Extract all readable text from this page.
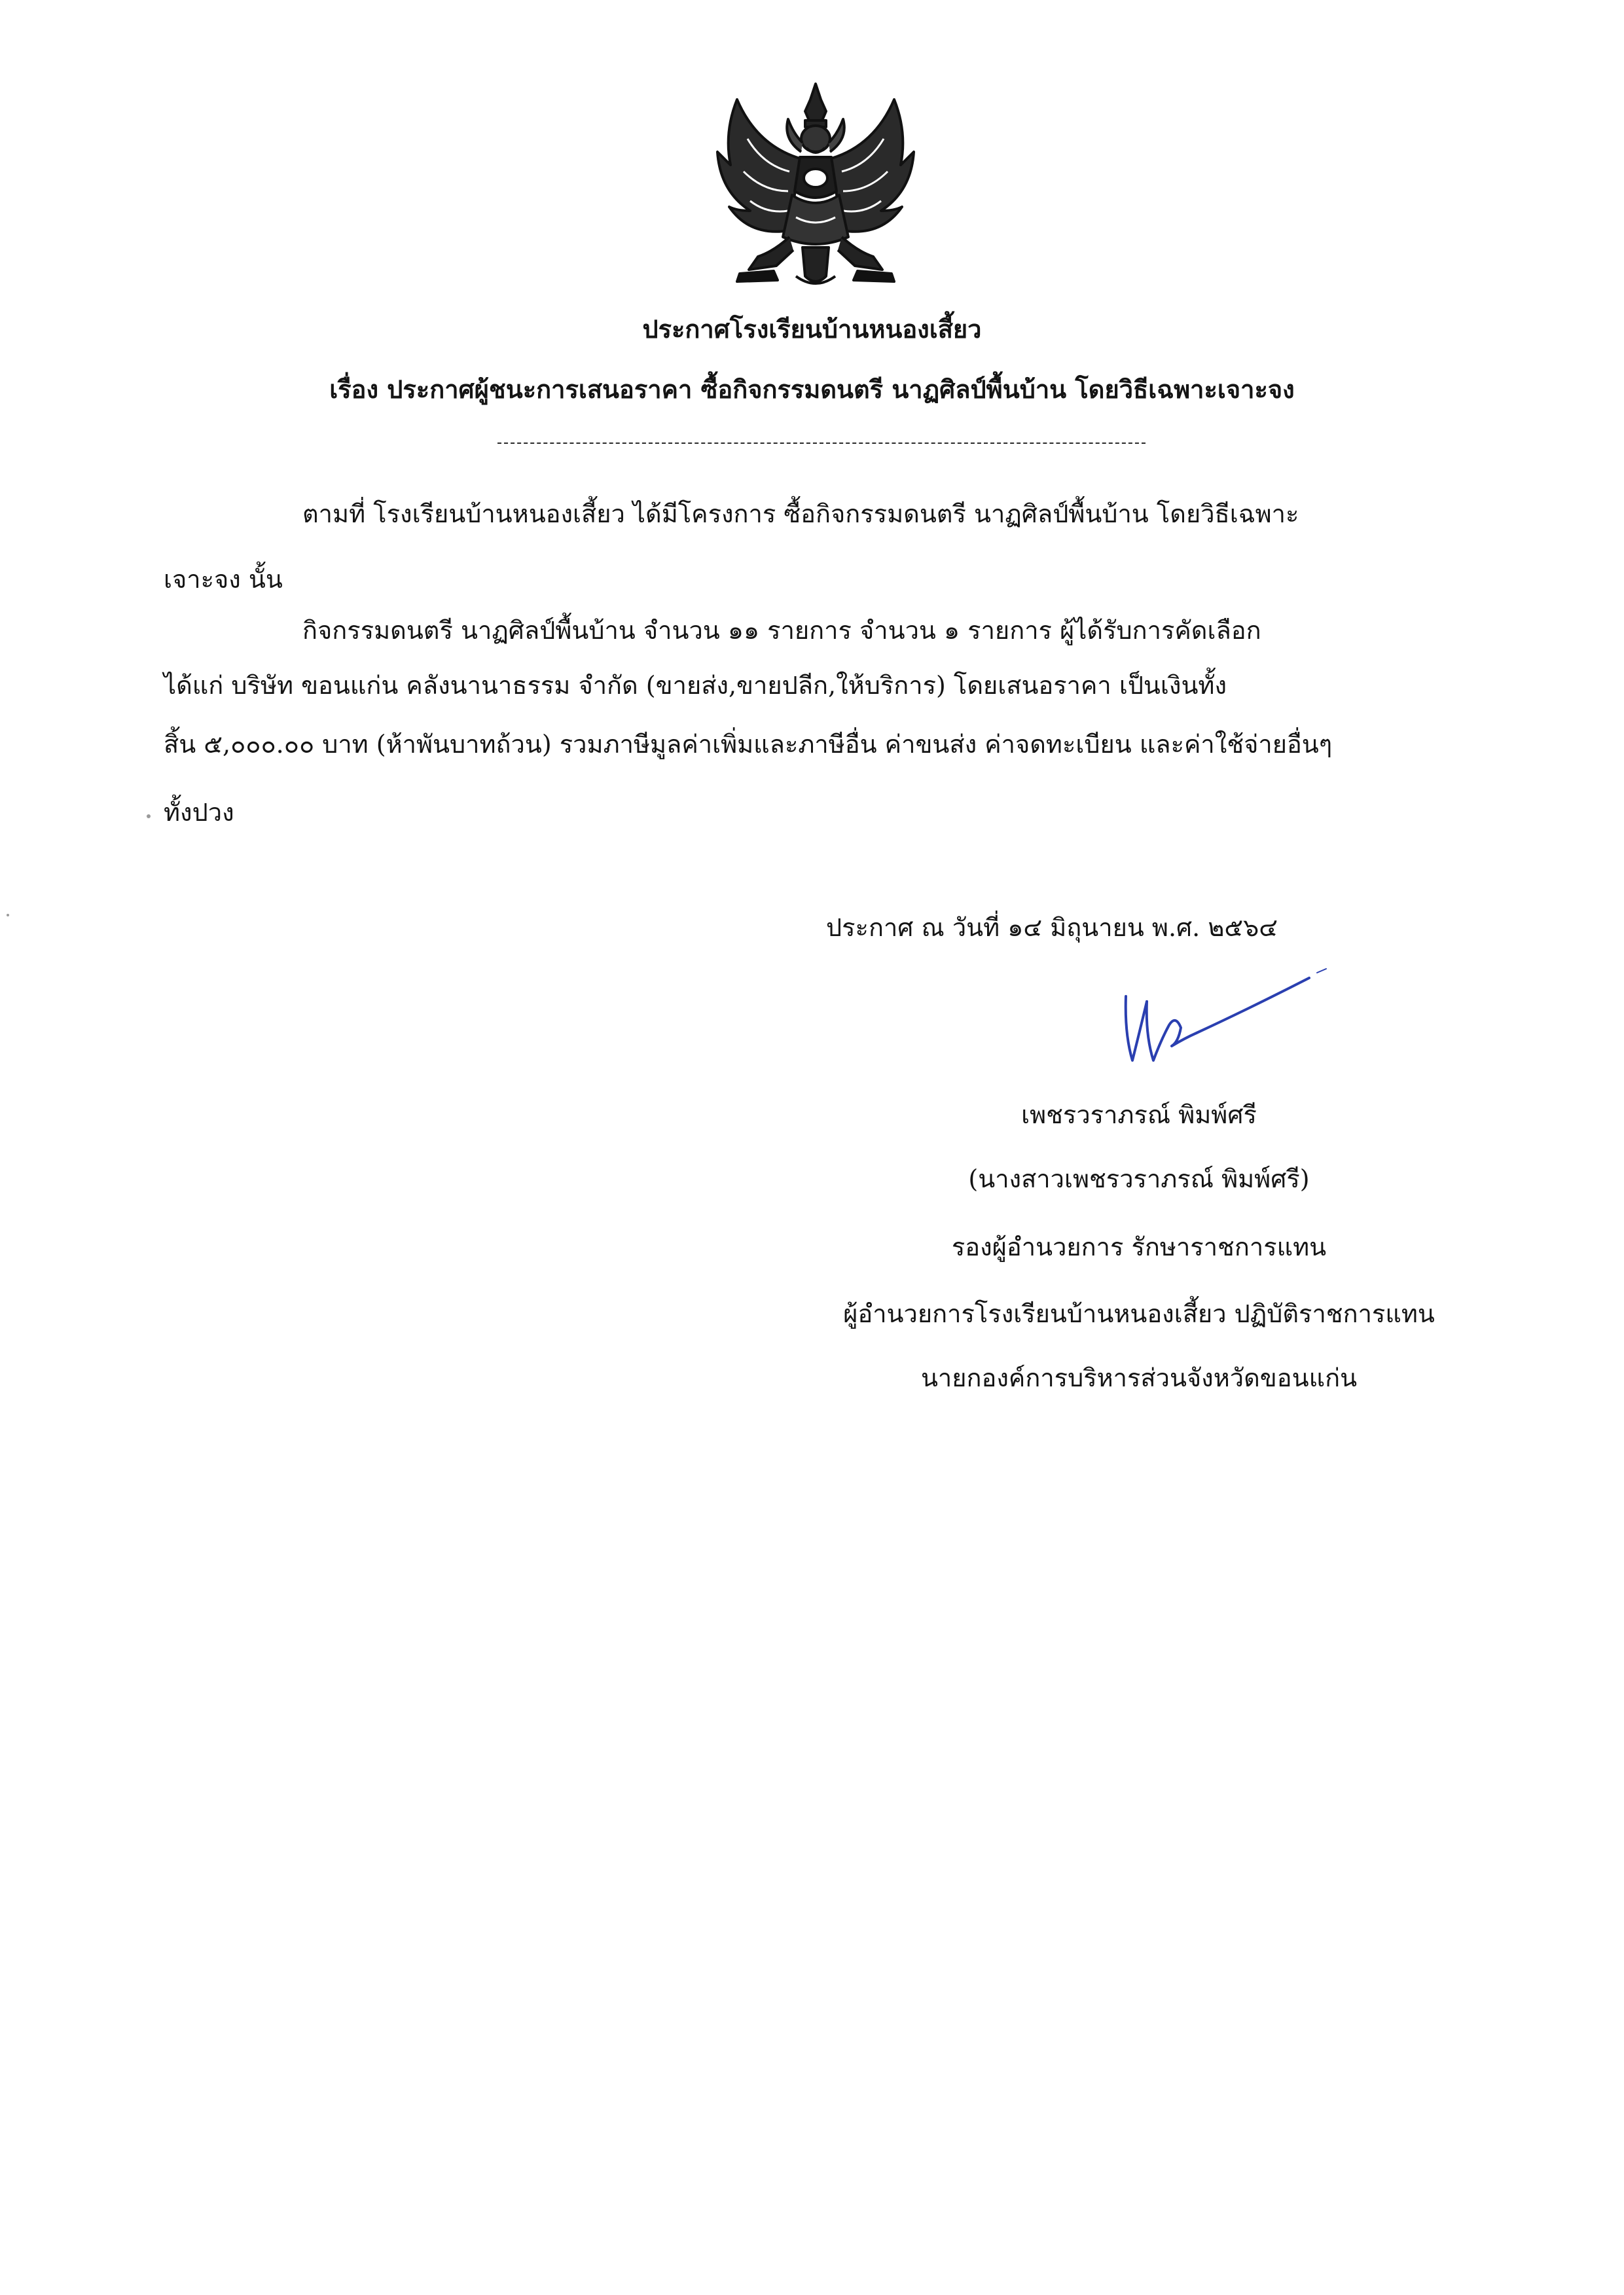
ประกาศโรงเรียนบ้านหนองเสี้ยว
เรื่อง ประกาศผู้ชนะการเสนอราคา ซื้อกิจกรรมดนตรี นาฏศิลป์พื้นบ้าน โดยวิธีเฉพาะเจาะจง
ตามที่ โรงเรียนบ้านหนองเสี้ยว ได้มีโครงการ ซื้อกิจกรรมดนตรี นาฏศิลป์พื้นบ้าน โดยวิธีเฉพาะ
เจาะจง นั้น
กิจกรรมดนตรี นาฏศิลป์พื้นบ้าน จำนวน ๑๑ รายการ จำนวน ๑ รายการ ผู้ได้รับการคัดเลือก
ได้แก่ บริษัท ขอนแก่น คลังนานาธรรม จำกัด (ขายส่ง,ขายปลีก,ให้บริการ) โดยเสนอราคา เป็นเงินทั้ง
สิ้น ๕,๐๐๐.๐๐ บาท (ห้าพันบาทถ้วน) รวมภาษีมูลค่าเพิ่มและภาษีอื่น ค่าขนส่ง ค่าจดทะเบียน และค่าใช้จ่ายอื่นๆ
ทั้งปวง
ประกาศ ณ วันที่ ๑๔ มิถุนายน พ.ศ. ๒๕๖๔
เพชรวราภรณ์ พิมพ์ศรี
(นางสาวเพชรวราภรณ์ พิมพ์ศรี)
รองผู้อำนวยการ รักษาราชการแทน
ผู้อำนวยการโรงเรียนบ้านหนองเสี้ยว ปฏิบัติราชการแทน
นายกองค์การบริหารส่วนจังหวัดขอนแก่น
